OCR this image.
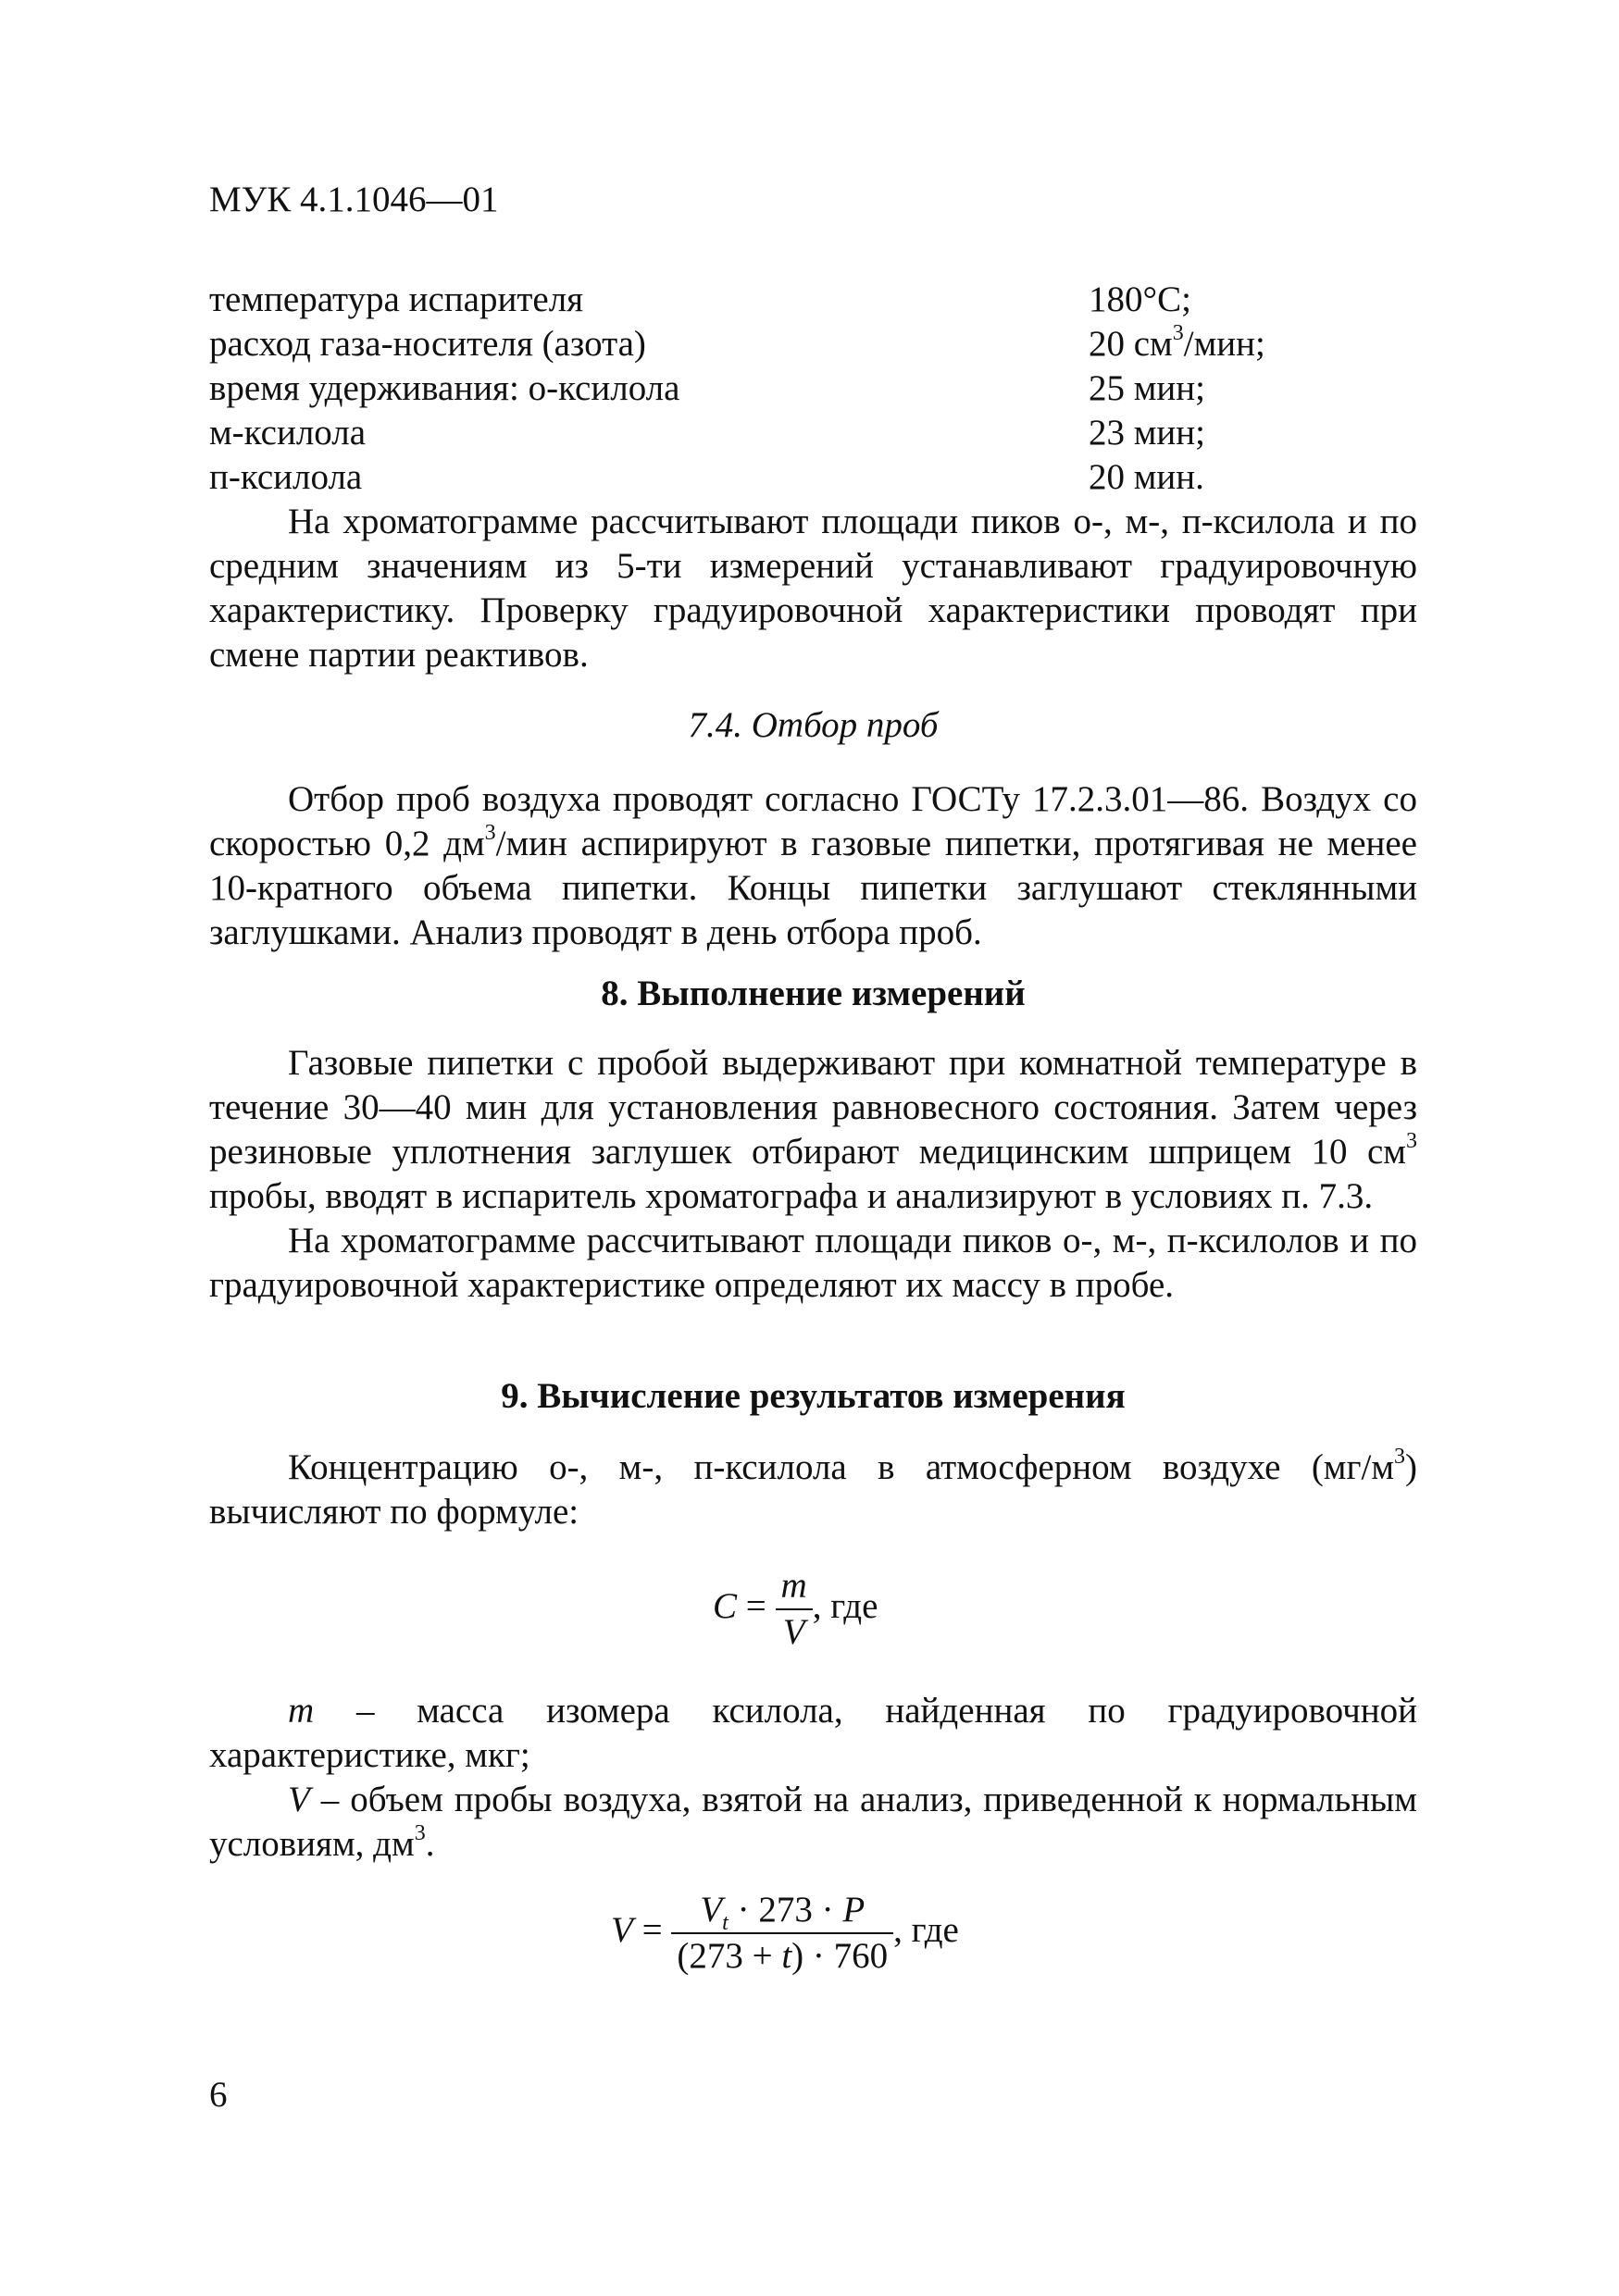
МУК 4.1.1046—01
температура испарителя	180°С;
расход газа-носителя (азота)	20 $см^3$/мин;
время удерживания: о-ксилола	25 мин;
м-ксилола	23 мин;
п-ксилола	20 мин.

На хроматограмме рассчитывают площади пиков о-, м-, п-ксилола и по средним значениям из 5-ти измерений устанавливают градуировочную характеристику. Проверку градуировочной характеристики проводят при смене партии реактивов.

7.4. Отбор проб

Отбор проб воздуха проводят согласно ГОСТу 17.2.3.01—86. Воздух со скоростью 0,2 $дм^3$/мин аспирируют в газовые пипетки, протягивая не менее 10-кратного объема пипетки. Концы пипетки заглушают стеклянными заглушками. Анализ проводят в день отбора проб.

8. Выполнение измерений

Газовые пипетки с пробой выдерживают при комнатной температуре в течение 30—40 мин для установления равновесного состояния. Затем через резиновые уплотнения заглушек отбирают медицинским шприцем 10 $см^3$ пробы, вводят в испаритель хроматографа и анализируют в условиях п. 7.3.

На хроматограмме рассчитывают площади пиков о-, м-, п-ксилолов и по градуировочной характеристике определяют их массу в пробе.

9. Вычисление результатов измерения

Концентрацию о-, м-, п-ксилола в атмосферном воздухе $(мг/м^3)$ вычисляют по формуле:

$C = \frac{m}{V}$ , где

m – масса изомера ксилола, найденная по градуировочной характеристике, мкг;

V – объем пробы воздуха, взятой на анализ, приведенной к нормальным условиям, $дм^3$.

$V = \frac{V_t \cdot 273 \cdot P}{(273 + t) \cdot 760}$ , где
6
